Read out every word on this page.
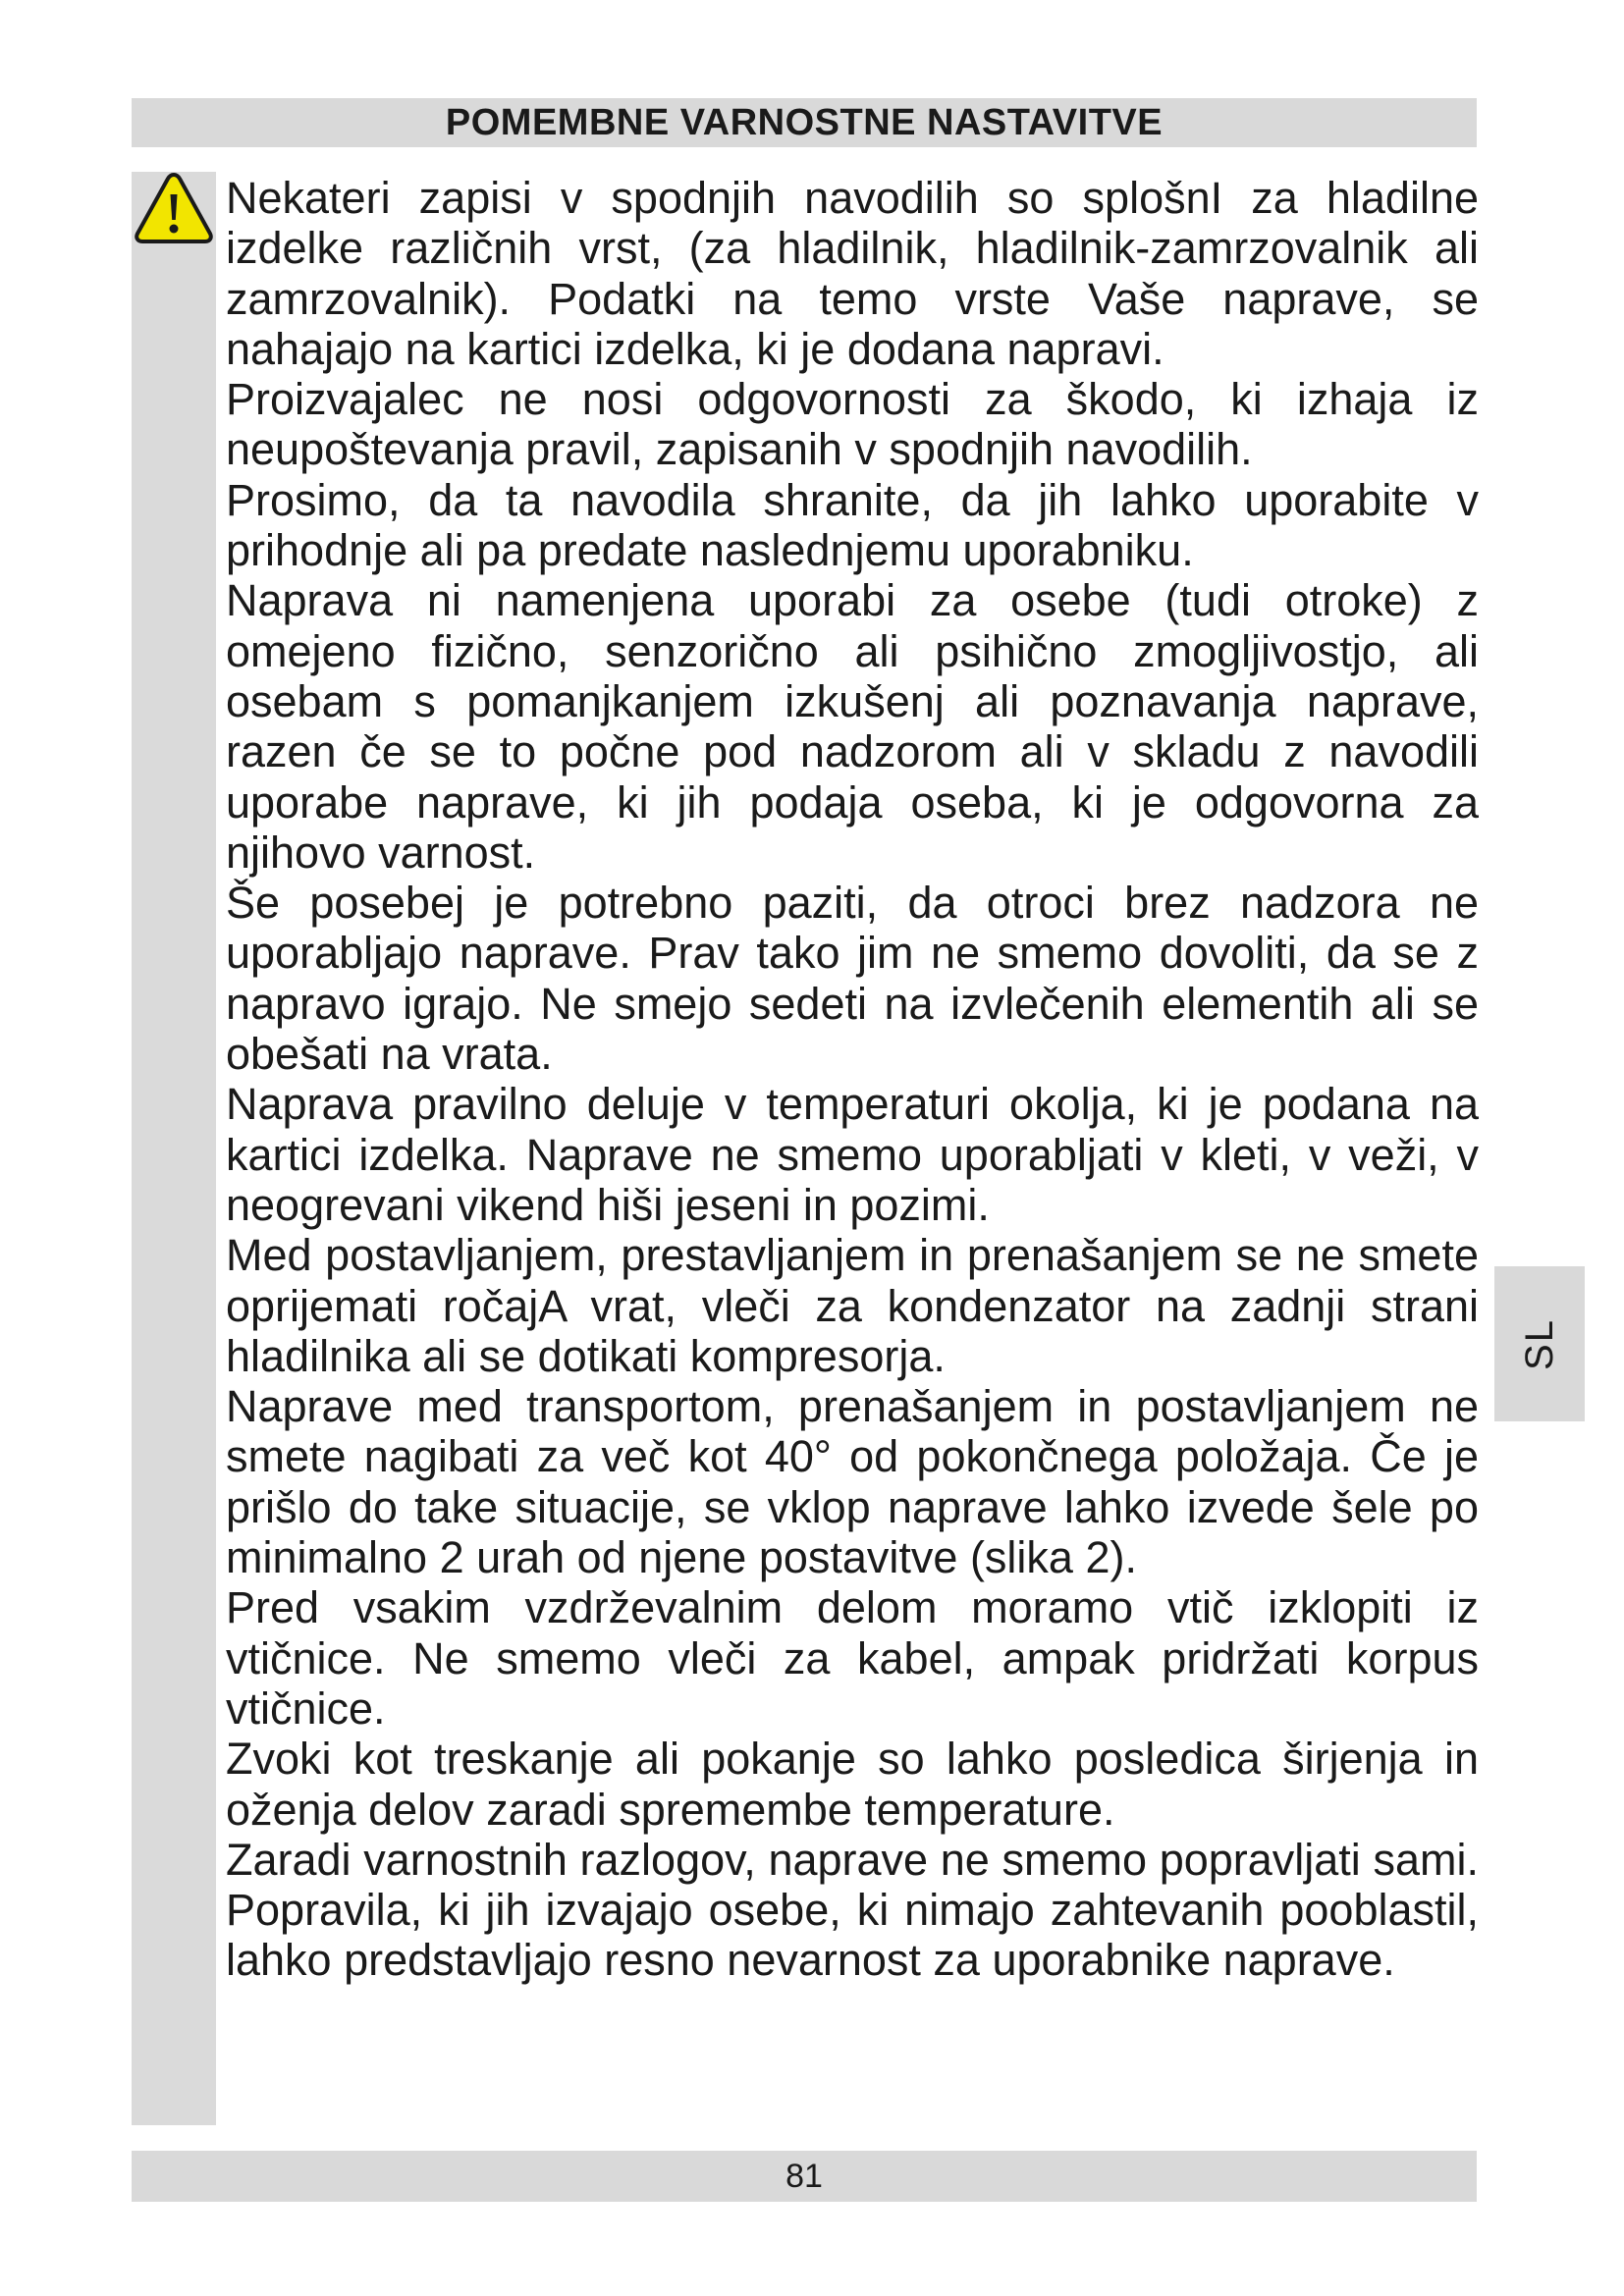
POMEMBNE VARNOSTNE NASTAVITVE

Nekateri zapisi v spodnjih navodilih so splošnI za hladilne izdelke različnih vrst, (za hladilnik, hladilnik-zamrzovalnik ali zamrzovalnik). Podatki na temo vrste Vaše naprave, se nahajajo na kartici izdelka, ki je dodana napravi.

Proizvajalec ne nosi odgovornosti za škodo, ki izhaja iz neupoštevanja pravil, zapisanih v spodnjih navodilih.

Prosimo, da ta navodila shranite, da jih lahko uporabite v prihodnje ali pa predate naslednjemu uporabniku.

Naprava ni namenjena uporabi za osebe (tudi otroke) z omejeno fizično, senzorično ali psihično zmogljivostjo, ali osebam s pomanjkanjem izkušenj ali poznavanja naprave, razen če se to počne pod nadzorom ali v skladu z navodili uporabe naprave, ki jih podaja oseba, ki je odgovorna za njihovo varnost.

Še posebej je potrebno paziti, da otroci brez nadzora ne uporabljajo naprave. Prav tako jim ne smemo dovoliti, da se z napravo igrajo. Ne smejo sedeti na izvlečenih elementih ali se obešati na vrata.

Naprava pravilno deluje v temperaturi okolja, ki je podana na kartici izdelka. Naprave ne smemo uporabljati v kleti, v veži, v neogrevani vikend hiši jeseni in pozimi.

Med postavljanjem, prestavljanjem in prenašanjem se ne smete oprijemati ročajA vrat, vleči za kondenzator na zadnji strani hladilnika ali se dotikati kompresorja.

Naprave med transportom, prenašanjem in postavljanjem ne smete nagibati za več kot 40° od pokončnega položaja. Če je prišlo do take situacije, se vklop naprave lahko izvede šele po minimalno 2 urah od njene postavitve (slika 2).

Pred vsakim vzdrževalnim delom moramo vtič izklopiti iz vtičnice. Ne smemo vleči za kabel, ampak pridržati korpus vtičnice.

Zvoki kot treskanje ali pokanje so lahko posledica širjenja in oženja delov zaradi spremembe temperature.

Zaradi varnostnih razlogov, naprave ne smemo popravljati sami. Popravila, ki jih izvajajo osebe, ki nimajo zahtevanih pooblastil, lahko predstavljajo resno nevarnost za uporabnike naprave.

SL
81
